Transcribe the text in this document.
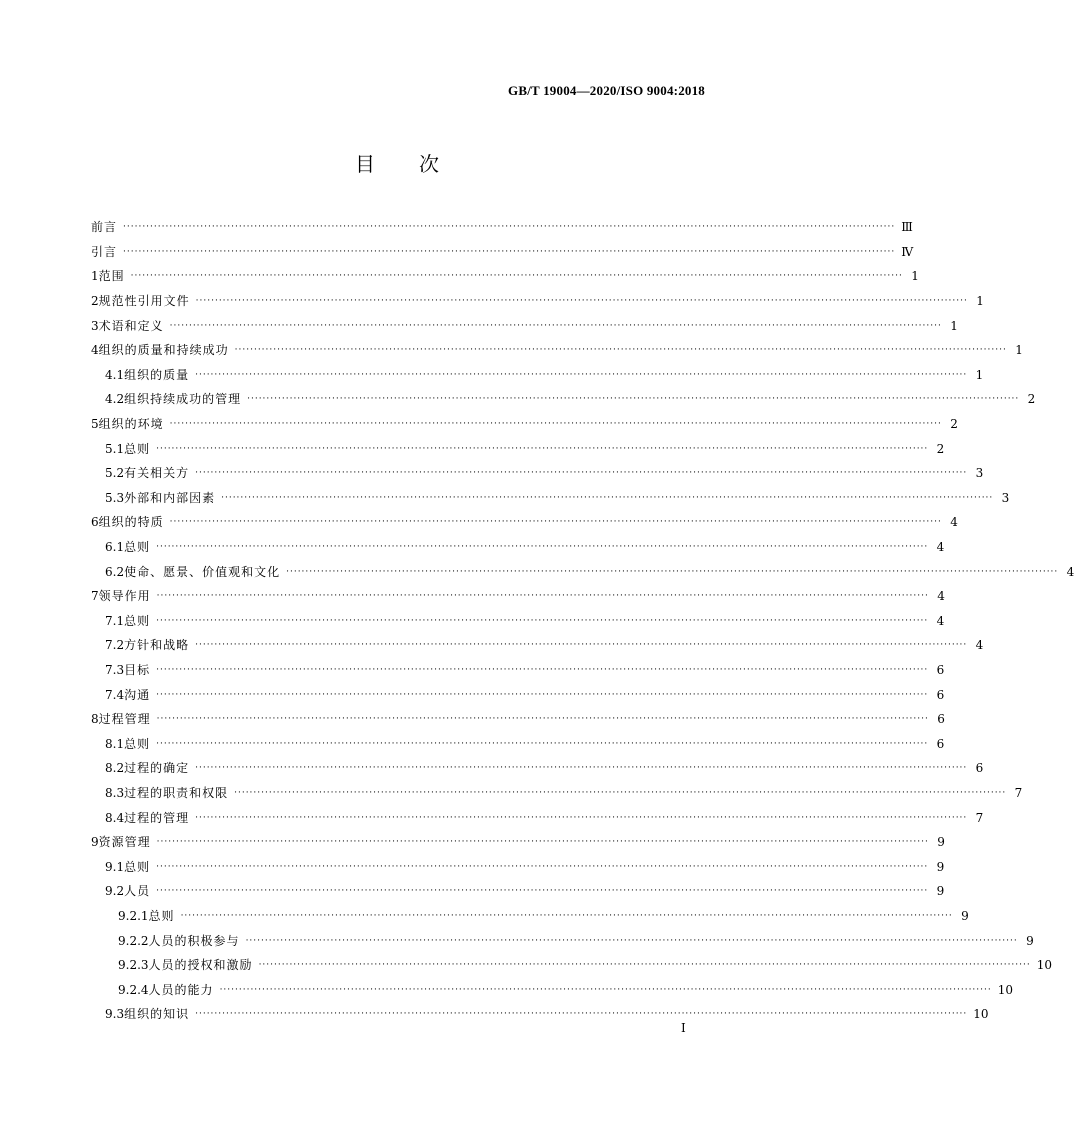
GB/T 19004—2020/ISO 9004:2018
目次
前言 ········································································································································································································ Ⅲ
引言 ········································································································································································································ Ⅳ
1 范围 ········································································································································································································ 1
2 规范性引用文件 ········································································································································································································ 1
3 术语和定义 ········································································································································································································ 1
4 组织的质量和持续成功 ········································································································································································································ 1
4.1 组织的质量 ········································································································································································································ 1
4.2 组织持续成功的管理 ········································································································································································································ 2
5 组织的环境 ········································································································································································································ 2
5.1 总则 ········································································································································································································ 2
5.2 有关相关方 ········································································································································································································ 3
5.3 外部和内部因素 ········································································································································································································ 3
6 组织的特质 ········································································································································································································ 4
6.1 总则 ········································································································································································································ 4
6.2 使命、愿景、价值观和文化 ········································································································································································································ 4
7 领导作用 ········································································································································································································ 4
7.1 总则 ········································································································································································································ 4
7.2 方针和战略 ········································································································································································································ 4
7.3 目标 ········································································································································································································ 6
7.4 沟通 ········································································································································································································ 6
8 过程管理 ········································································································································································································ 6
8.1 总则 ········································································································································································································ 6
8.2 过程的确定 ········································································································································································································ 6
8.3 过程的职责和权限 ········································································································································································································ 7
8.4 过程的管理 ········································································································································································································ 7
9 资源管理 ········································································································································································································ 9
9.1 总则 ········································································································································································································ 9
9.2 人员 ········································································································································································································ 9
9.2.1 总则 ········································································································································································································ 9
9.2.2 人员的积极参与 ········································································································································································································ 9
9.2.3 人员的授权和激励 ········································································································································································································ 10
9.2.4 人员的能力 ········································································································································································································ 10
9.3 组织的知识 ········································································································································································································ 10
I
